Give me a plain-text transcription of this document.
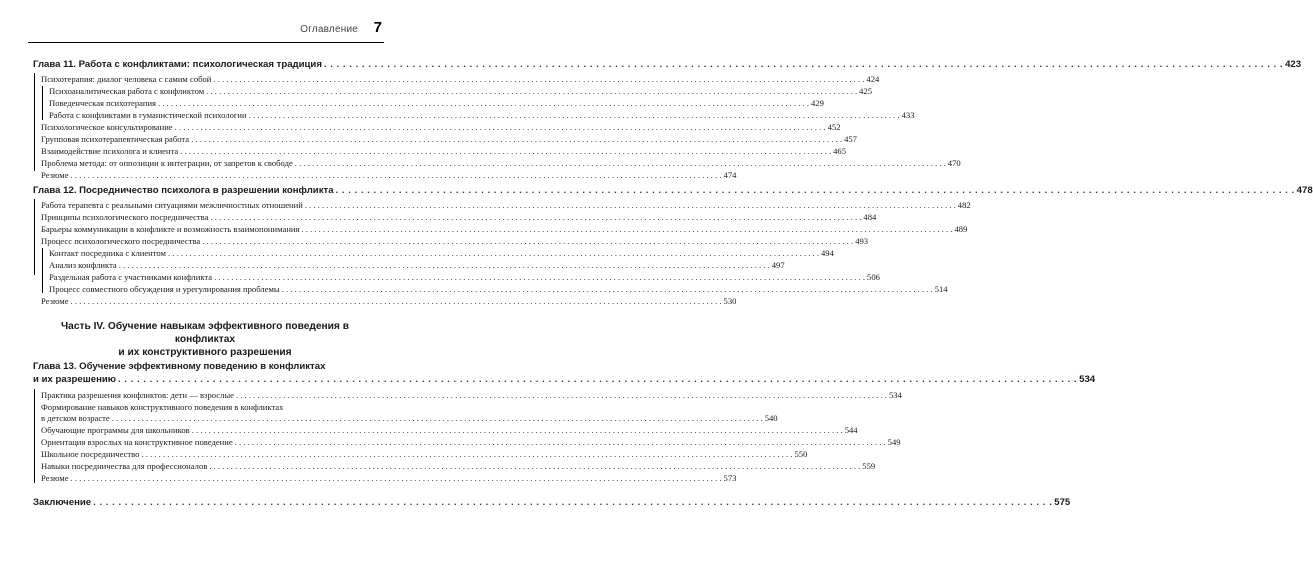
Оглавление 7
Глава 11. Работа с конфликтами: психологическая традиция . . .	423
Психотерапия: диалог человека с самим собой . . .	424
Психоаналитическая работа с конфликтом . . .	425
Поведенческая психотерапия . . .	429
Работа с конфликтами в гуманистической психологии . . .	433
Психологическое консультирование . . .	452
Групповая психотерапевтическая работа . . .	457
Взаимодействие психолога и клиента . . .	465
Проблема метода: от оппозиции к интеграции, от запретов к свободе . . .	470
Резюме . . .	474
Глава 12. Посредничество психолога в разрешении конфликта . . .	478
Работа терапевта с реальными ситуациями межличностных отношений . . .	482
Принципы психологического посредничества . . .	484
Барьеры коммуникации в конфликте и возможность взаимопонимания . . .	489
Процесс психологического посредничества . . .	493
Контакт посредника с клиентом . . .	494
Анализ конфликта . . .	497
Раздельная работа с участниками конфликта . . .	506
Процесс совместного обсуждения и урегулирования проблемы . . .	514
Резюме . . .	530
Часть IV. Обучение навыкам эффективного поведения в конфликтах
и их конструктивного разрешения
Глава 13. Обучение эффективному поведению в конфликтах
и их разрешению . . .	534
Практика разрешения конфликтов: дети — взрослые . . .	534
Формирование навыков конструктивного поведения в конфликтах
в детском возрасте . . .	540
Обучающие программы для школьников . . .	544
Ориентация взрослых на конструктивное поведение . . .	549
Школьное посредничество . . .	550
Навыки посредничества для профессионалов . . .	559
Резюме . . .	573
Заключение . . .	575
